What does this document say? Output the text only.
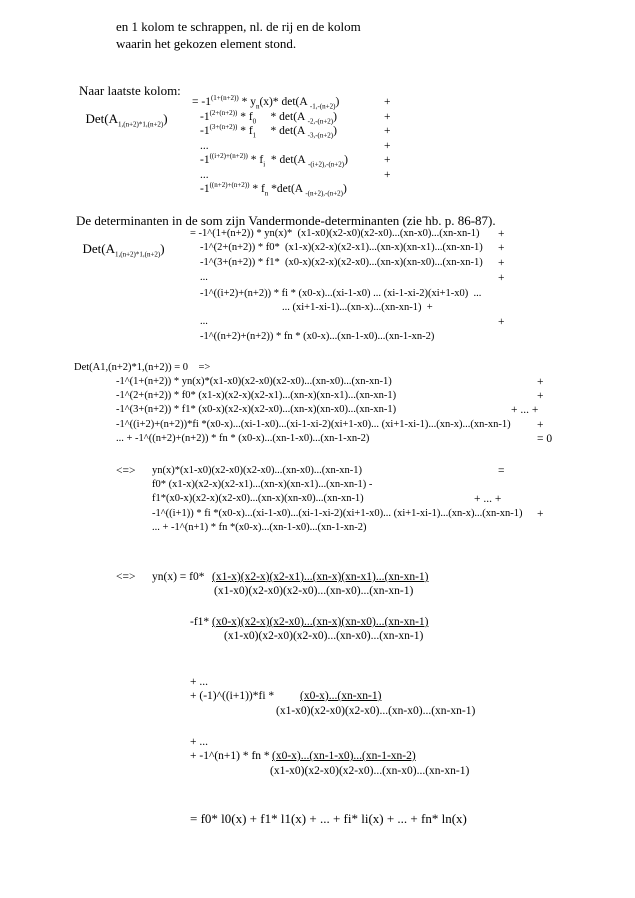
en 1 kolom te schrappen, nl. de rij en de kolom
waarin het gekozen element stond.
Naar laatste kolom:

$Det(A_{1,(n+2)*1,(n+2)})$

= $-1^{(1+(n+2))} * y_n(x)*$ det(A $_{-1,-(n+2)}$)	+
$-1^{(2+(n+2))} * f_0$     * det(A $_{-2,-(n+2)}$)	+
$-1^{(3+(n+2))} * f_1$     * det(A $_{-3,-(n+2)}$)	+
...	+
$-1^{((i+2)+(n+2))} * f_i * \det(A$ $_{-(i+2),-(n+2)}$)	+
...	+
$-1^{((n+2)+(n+2))} * f_n$ *det(A $_{-(n+2),-(n+2)}$)
De determinanten in de som zijn Vandermonde-determinanten (zie hb. p. 86-87).

$Det(A_{1,(n+2)*1,(n+2)})$

= -1^(1+(n+2)) * yn(x)*  (x1-x0)(x2-x0)(x2-x0)...(xn-x0)...(xn-xn-1) +
-1^(2+(n+2)) * f0*  (x1-x)(x2-x)(x2-x1)...(xn-x)(xn-x1)...(xn-xn-1) +
-1^(3+(n+2)) * f1*  (x0-x)(x2-x)(x2-x0)...(xn-x)(xn-x0)...(xn-xn-1) +
...	+
-1^((i+2)+(n+2)) * fi * (x0-x)...(xi-1-x0) ... (xi-1-xi-2)(xi+1-x0)  ...
... (xi+1-xi-1)...(xn-x)...(xn-xn-1)  +
...	+
-1^((n+2)+(n+2)) * fn * (x0-x)...(xn-1-x0)...(xn-1-xn-2)
Det(A1,(n+2)*1,(n+2)) = 0    =>
-1^(1+(n+2)) * yn(x)*(x1-x0)(x2-x0)(x2-x0)...(xn-x0)...(xn-xn-1)	+
-1^(2+(n+2)) * f0* (x1-x)(x2-x)(x2-x1)...(xn-x)(xn-x1)...(xn-xn-1)	+
-1^(3+(n+2)) * f1* (x0-x)(x2-x)(x2-x0)...(xn-x)(xn-x0)...(xn-xn-1)	+ ... +
-1^((i+2)+(n+2))*fi *(x0-x)...(xi-1-x0)...(xi-1-xi-2)(xi+1-x0)... (xi+1-xi-1)...(xn-x)...(xn-xn-1) +
... + -1^((n+2)+(n+2)) * fn * (x0-x)...(xn-1-x0)...(xn-1-xn-2)	= 0
<=> yn(x)*(x1-x0)(x2-x0)(x2-x0)...(xn-x0)...(xn-xn-1)	=
f0* (x1-x)(x2-x)(x2-x1)...(xn-x)(xn-x1)...(xn-xn-1) -
f1*(x0-x)(x2-x)(x2-x0)...(xn-x)(xn-x0)...(xn-xn-1)	+ ... +
-1^((i+1)) * fi *(x0-x)...(xi-1-x0)...(xi-1-xi-2)(xi+1-x0)... (xi+1-xi-1)...(xn-x)...(xn-xn-1) +
... + -1^(n+1) * fn *(x0-x)...(xn-1-x0)...(xn-1-xn-2)
<=> yn(x) = f0* (x1-x)(x2-x)(x2-x1)...(xn-x)(xn-x1)...(xn-xn-1)
(x1-x0)(x2-x0)(x2-x0)...(xn-x0)...(xn-xn-1)
-f1* (x0-x)(x2-x)(x2-x0)...(xn-x)(xn-x0)...(xn-xn-1)
(x1-x0)(x2-x0)(x2-x0)...(xn-x0)...(xn-xn-1)
+ ...
+ (-1)^((i+1))*fi * (x0-x)...(xn-xn-1)
(x1-x0)(x2-x0)(x2-x0)...(xn-x0)...(xn-xn-1)
+ ...
+ -1^(n+1) * fn * (x0-x)...(xn-1-x0)...(xn-1-xn-2)
(x1-x0)(x2-x0)(x2-x0)...(xn-x0)...(xn-xn-1)
= f0* l0(x) + f1* l1(x) + ... + fi* li(x) + ... + fn* ln(x)
